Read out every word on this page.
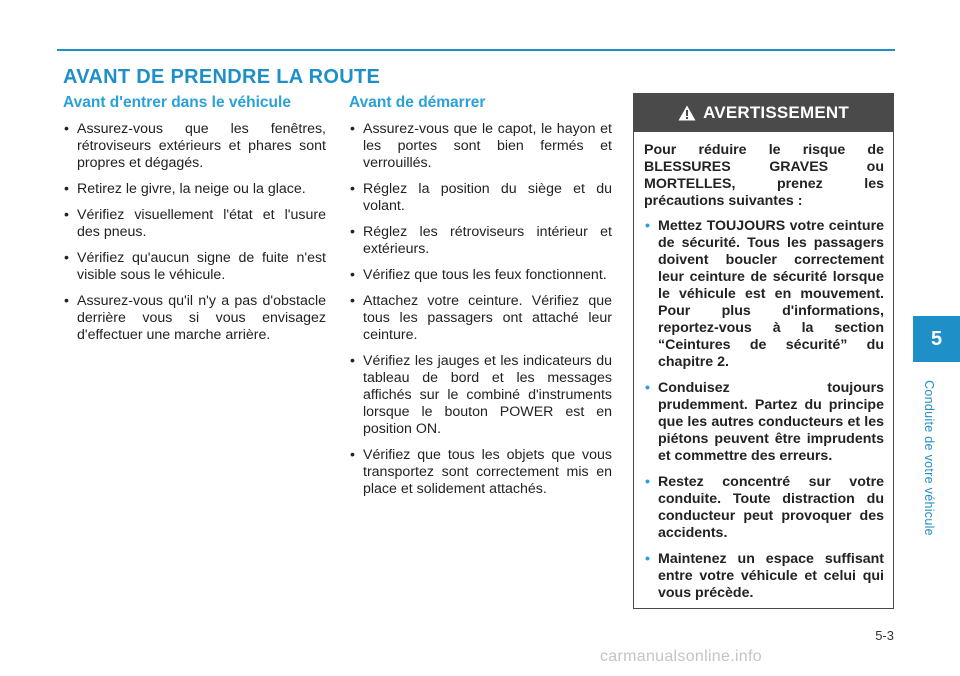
AVANT DE PRENDRE LA ROUTE
Avant d'entrer dans le véhicule
• Assurez-vous que les fenêtres, rétroviseurs extérieurs et phares sont propres et dégagés.
• Retirez le givre, la neige ou la glace.
• Vérifiez visuellement l'état et l'usure des pneus.
• Vérifiez qu'aucun signe de fuite n'est visible sous le véhicule.
• Assurez-vous qu'il n'y a pas d'obstacle derrière vous si vous envisagez d'effectuer une marche arrière.
Avant de démarrer
• Assurez-vous que le capot, le hayon et les portes sont bien fermés et verrouillés.
• Réglez la position du siège et du volant.
• Réglez les rétroviseurs intérieur et extérieurs.
• Vérifiez que tous les feux fonctionnent.
• Attachez votre ceinture. Vérifiez que tous les passagers ont attaché leur ceinture.
• Vérifiez les jauges et les indicateurs du tableau de bord et les messages affichés sur le combiné d'instruments lorsque le bouton POWER est en position ON.
• Vérifiez que tous les objets que vous transportez sont correctement mis en place et solidement attachés.
AVERTISSEMENT

Pour réduire le risque de BLESSURES GRAVES ou MORTELLES, prenez les précautions suivantes :

• Mettez TOUJOURS votre ceinture de sécurité. Tous les passagers doivent boucler correctement leur ceinture de sécurité lorsque le véhicule est en mouvement. Pour plus d'informations, reportez-vous à la section “Ceintures de sécurité” du chapitre 2.
• Conduisez toujours prudemment. Partez du principe que les autres conducteurs et les piétons peuvent être imprudents et commettre des erreurs.
• Restez concentré sur votre conduite. Toute distraction du conducteur peut provoquer des accidents.
• Maintenez un espace suffisant entre votre véhicule et celui qui vous précède.
5
Conduite de votre véhicule
5-3
carmanualsonline.info
